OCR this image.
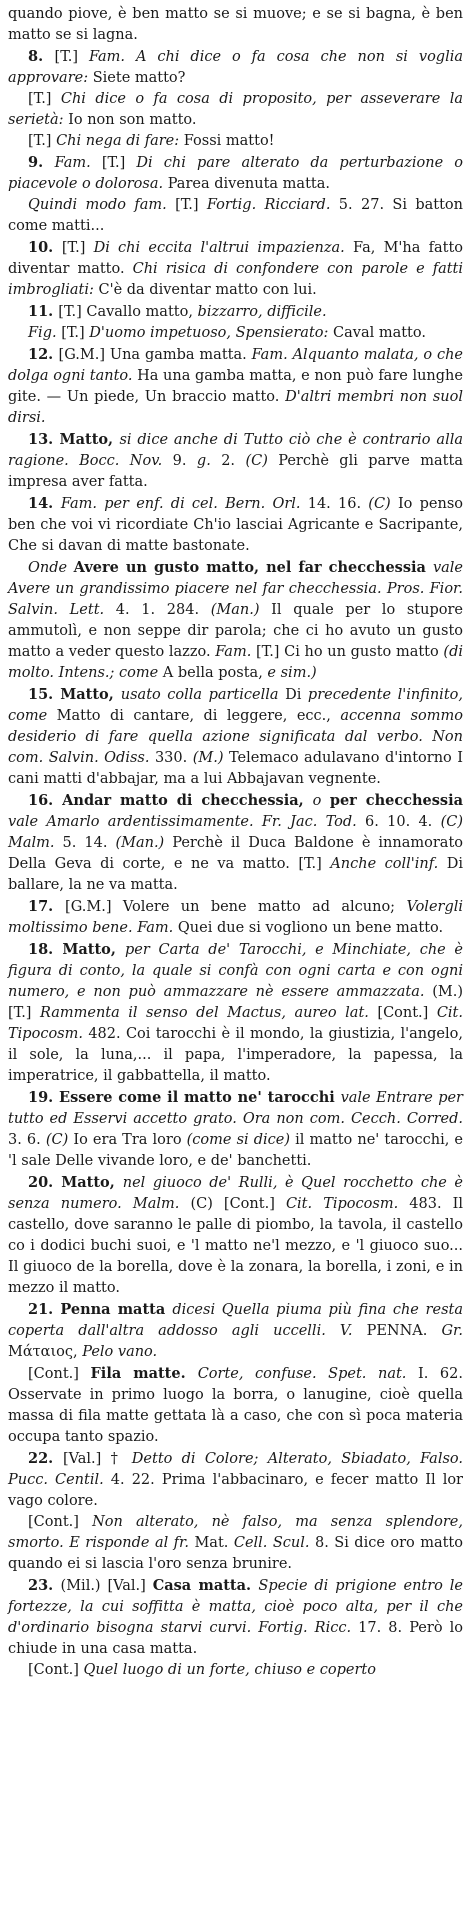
quando piove, è ben matto se si muove; e se si bagna, è ben matto se si lagna.

8. [T.] Fam. A chi dice o fa cosa che non si voglia approvare: Siete matto?

[T.] Chi dice o fa cosa di proposito, per asseverare la serietà: Io non son matto.

[T.] Chi nega di fare: Fossi matto!

9. Fam. [T.] Di chi pare alterato da perturbazione o piacevole o dolorosa. Parea divenuta matta.

Quindi modo fam. [T.] Fortig. Ricciard. 5. 27. Si batton come matti...

10. [T.] Di chi eccita l'altrui impazienza. Fa, M'ha fatto diventar matto. Chi risica di confondere con parole e fatti imbrogliati: C'è da diventar matto con lui.

11. [T.] Cavallo matto, bizzarro, difficile.

Fig. [T.] D'uomo impetuoso, Spensierato: Caval matto.

12. [G.M.] Una gamba matta. Fam. Alquanto malata, o che dolga ogni tanto. Ha una gamba matta, e non può fare lunghe gite. — Un piede, Un braccio matto. D'altri membri non suol dirsi.

13. Matto, si dice anche di Tutto ciò che è contrario alla ragione. Bocc. Nov. 9. g. 2. (C) Perchè gli parve matta impresa aver fatta.

14. Fam. per enf. di cel. Bern. Orl. 14. 16. (C) Io penso ben che voi vi ricordiate Ch'io lasciai Agricante e Sacripante, Che si davan di matte bastonate.

Onde Avere un gusto matto, nel far checchessia vale Avere un grandissimo piacere nel far checchessia. Pros. Fior. Salvin. Lett. 4. 1. 284. (Man.) Il quale per lo stupore ammutolì, e non seppe dir parola; che ci ho avuto un gusto matto a veder questo lazzo. Fam. [T.] Ci ho un gusto matto (di molto. Intens.; come A bella posta, e sim.)

15. Matto, usato colla particella Di precedente l'infinito, come Matto di cantare, di leggere, ecc., accenna sommo desiderio di fare quella azione significata dal verbo. Non com. Salvin. Odiss. 330. (M.) Telemaco adulavano d'intorno I cani matti d'abbajar, ma a lui Abbajavan vegnente.

16. Andar matto di checchessia, o per checchessia vale Amarlo ardentissimamente. Fr. Jac. Tod. 6. 10. 4. (C) Malm. 5. 14. (Man.) Perchè il Duca Baldone è innamorato Della Geva di corte, e ne va matto. [T.] Anche coll'inf. Di ballare, la ne va matta.

17. [G.M.] Volere un bene matto ad alcuno; Volergli moltissimo bene. Fam. Quei due si vogliono un bene matto.

18. Matto, per Carta de' Tarocchi, e Minchiate, che è figura di conto, la quale si confà con ogni carta e con ogni numero, e non può ammazzare nè essere ammazzata. (M.) [T.] Rammenta il senso del Mactus, aureo lat. [Cont.] Cit. Tipocosm. 482. Coi tarocchi è il mondo, la giustizia, l'angelo, il sole, la luna,... il papa, l'imperadore, la papessa, la imperatrice, il gabbattella, il matto.

19. Essere come il matto ne' tarocchi vale Entrare per tutto ed Esservi accetto grato. Ora non com. Cecch. Corred. 3. 6. (C) Io era Tra loro (come si dice) il matto ne' tarocchi, e 'l sale Delle vivande loro, e de' banchetti.

20. Matto, nel giuoco de' Rulli, è Quel rocchetto che è senza numero. Malm. (C) [Cont.] Cit. Tipocosm. 483. Il castello, dove saranno le palle di piombo, la tavola, il castello co i dodici buchi suoi, e 'l matto ne'l mezzo, e 'l giuoco suo... Il giuoco de la borella, dove è la zonara, la borella, i zoni, e in mezzo il matto.

21. Penna matta dicesi Quella piuma più fina che resta coperta dall'altra addosso agli uccelli. V. PENNA. Gr. Μάταιος, Pelo vano.

[Cont.] Fila matte. Corte, confuse. Spet. nat. I. 62. Osservate in primo luogo la borra, o lanugine, cioè quella massa di fila matte gettata là a caso, che con sì poca materia occupa tanto spazio.

22. [Val.] † Detto di Colore; Alterato, Sbiadato, Falso. Pucc. Centil. 4. 22. Prima l'abbacinaro, e fecer matto Il lor vago colore.

[Cont.] Non alterato, nè falso, ma senza splendore, smorto. E risponde al fr. Mat. Cell. Scul. 8. Si dice oro matto quando ei si lascia l'oro senza brunire.

23. (Mil.) [Val.] Casa matta. Specie di prigione entro le fortezze, la cui soffitta è matta, cioè poco alta, per il che d'ordinario bisogna starvi curvi. Fortig. Ricc. 17. 8. Però lo chiude in una casa matta.

[Cont.] Quel luogo di un forte, chiuso e coperto
